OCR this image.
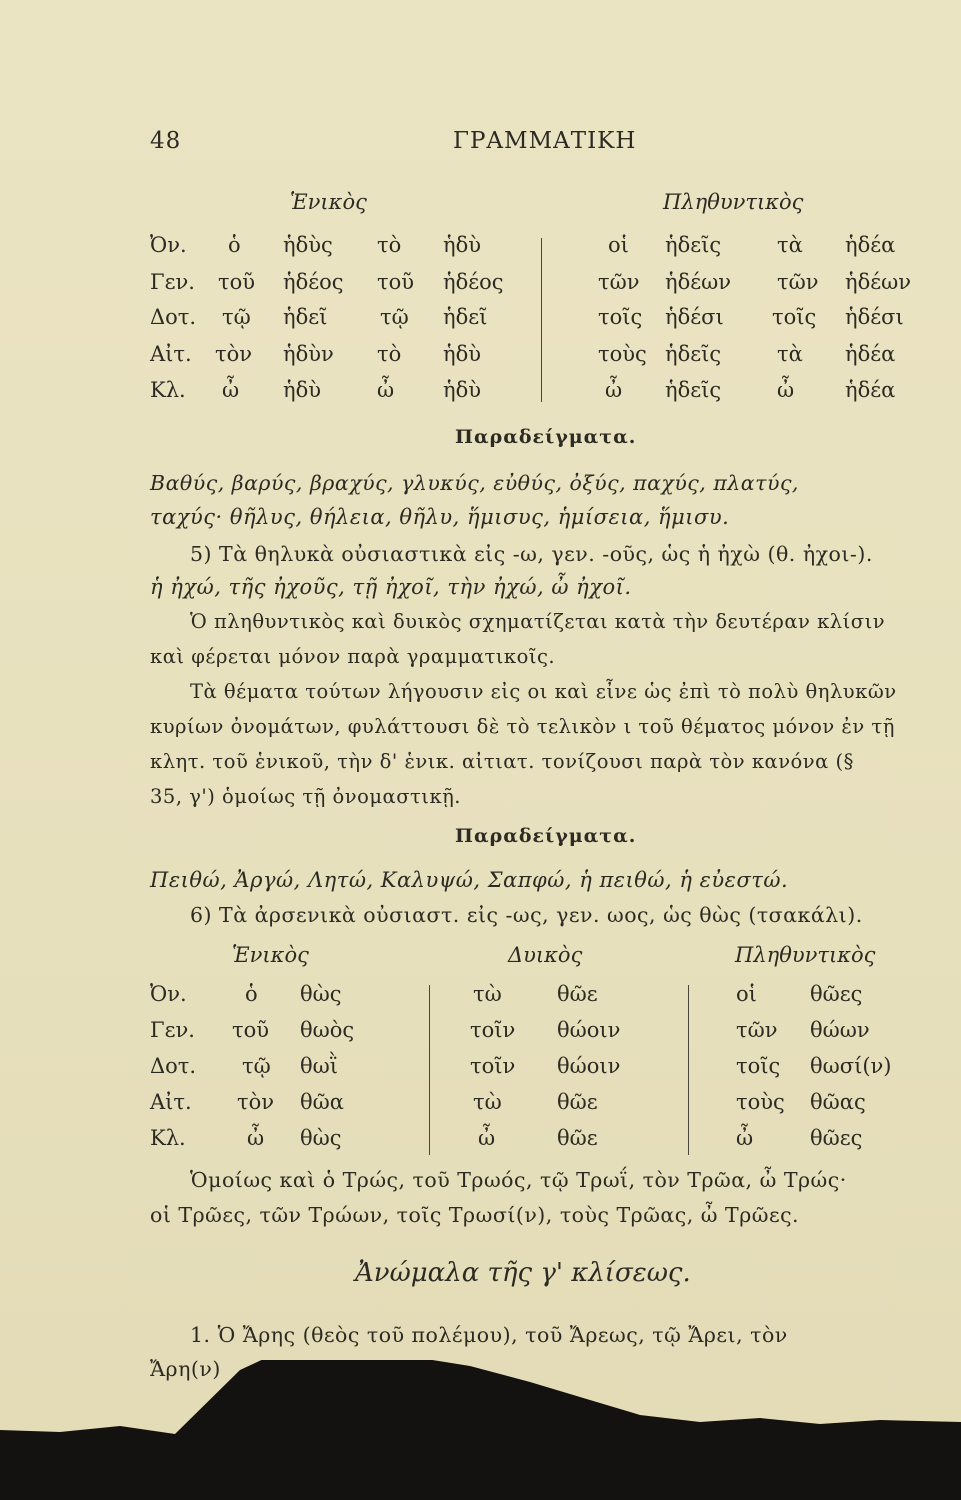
48	ΓΡΑΜΜΑΤΙΚΗ
Ἑνικὸς	Πληθυντικὸς
Ὀν. ὁ ἡδὺς τὸ ἡδὺ	οἱ ἡδεῖς	τὰ ἡδέα
Γεν. τοῦ ἡδέος τοῦ ἡδέος	τῶν ἡδέων τῶν ἡδέων
Δοτ. τῷ ἡδεῖ	τῷ ἡδεῖ	τοῖς ἡδέσι τοῖς ἡδέσι
Αἰτ. τὸν ἡδὺν τὸ ἡδὺ	τοὺς ἡδεῖς	τὰ ἡδέα
Κλ. ὦ ἡδὺ	ὦ ἡδὺ	ὦ ἡδεῖς	ὦ ἡδέα
Παραδείγματα.
Βαθύς, βαρύς, βραχύς, γλυκύς, εὐθύς, ὀξύς, παχύς, πλατύς,
ταχύς· θῆλυς, θήλεια, θῆλυ, ἥμισυς, ἡμίσεια, ἥμισυ.
5) Τὰ θηλυκὰ οὐσιαστικὰ εἰς -ω, γεν. -οῦς, ὡς ἡ ἠχὼ (θ. ἠχοι-).
ἡ ἠχώ, τῆς ἠχοῦς, τῇ ἠχοῖ, τὴν ἠχώ, ὦ ἠχοῖ.
Ὁ πληθυντικὸς καὶ δυικὸς σχηματίζεται κατὰ τὴν δευτέραν κλίσιν
καὶ φέρεται μόνον παρὰ γραμματικοῖς.
Τὰ θέματα τούτων λήγουσιν εἰς οι καὶ εἶνε ὡς ἐπὶ τὸ πολὺ θηλυκῶν
κυρίων ὀνομάτων, φυλάττουσι δὲ τὸ τελικὸν ι τοῦ θέματος μόνον ἐν τῇ
κλητ. τοῦ ἑνικοῦ, τὴν δ' ἑνικ. αἰτιατ. τονίζουσι παρὰ τὸν κανόνα (§
35, γ') ὁμοίως τῇ ὀνομαστικῇ.
Παραδείγματα.
Πειθώ, Ἀργώ, Λητώ, Καλυψώ, Σαπφώ, ἡ πειθώ, ἡ εὐεστώ.
6) Τὰ ἀρσενικὰ οὐσιαστ. εἰς -ως, γεν. ωος, ὡς θὼς (τσακάλι).
Ἑνικὸς	Δυικὸς	Πληθυντικὸς
Ὀν.	ὁ θὼς	τὼ	θῶε	οἱ	θῶες
Γεν. τοῦ θωὸς	τοῖν θώοιν	τῶν θώων
Δοτ. τῷ θωῒ	τοῖν θώοιν	τοῖς θωσί(ν)
Αἰτ. τὸν θῶα	τὼ	θῶε	τοὺς θῶας
Κλ.	ὦ θὼς	ὦ	θῶε	ὦ	θῶες
Ὁμοίως καὶ ὁ Τρώς, τοῦ Τρωός, τῷ Τρωΐ, τὸν Τρῶα, ὦ Τρώς·
οἱ Τρῶες, τῶν Τρώων, τοῖς Τρωσί(ν), τοὺς Τρῶας, ὦ Τρῶες.
Ἀνώμαλα τῆς γ' κλίσεως.
1. Ὁ Ἄρης (θεὸς τοῦ πολέμου), τοῦ Ἄρεως, τῷ Ἄρει, τὸν
Ἄρη(ν)
